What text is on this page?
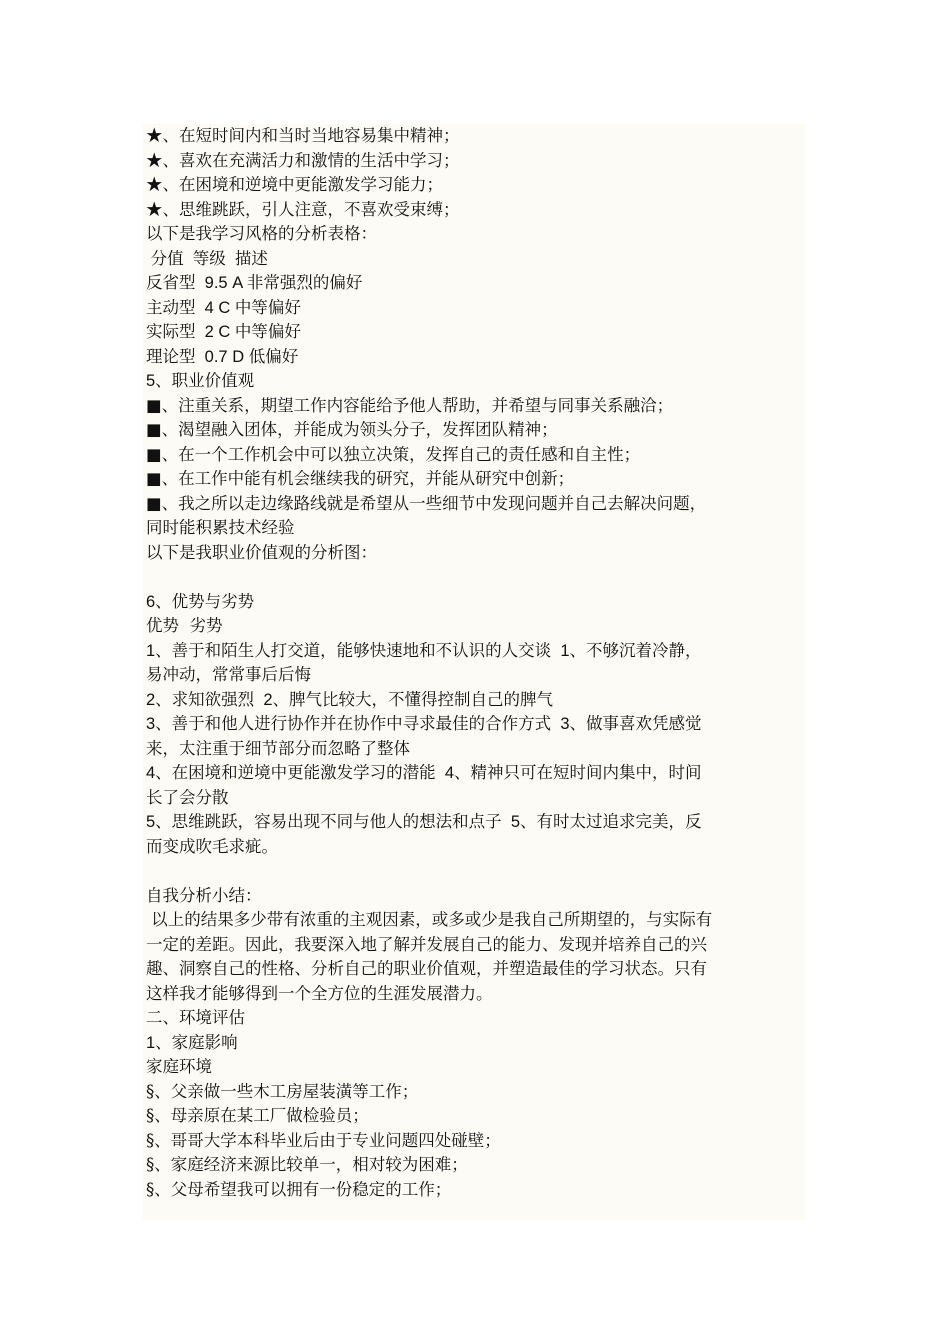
★、在短时间内和当时当地容易集中精神；

★、喜欢在充满活力和激情的生活中学习；

★、在困境和逆境中更能激发学习能力；

★、思维跳跃，引人注意，不喜欢受束缚；

以下是我学习风格的分析表格：

分值  等级  描述

反省型  9.5 A 非常强烈的偏好

主动型  4 C 中等偏好

实际型  2 C 中等偏好

理论型  0.7 D 低偏好

5、职业价值观

■、注重关系，期望工作内容能给予他人帮助，并希望与同事关系融洽；

■、渴望融入团体，并能成为领头分子，发挥团队精神；

■、在一个工作机会中可以独立决策，发挥自己的责任感和自主性；

■、在工作中能有机会继续我的研究，并能从研究中创新；

■、我之所以走边缘路线就是希望从一些细节中发现问题并自己去解决问题，

同时能积累技术经验

以下是我职业价值观的分析图：

6、优势与劣势

优势  劣势

1、善于和陌生人打交道，能够快速地和不认识的人交谈  1、不够沉着冷静，

易冲动，常常事后后悔

2、求知欲强烈  2、脾气比较大，不懂得控制自己的脾气

3、善于和他人进行协作并在协作中寻求最佳的合作方式  3、做事喜欢凭感觉

来，太注重于细节部分而忽略了整体

4、在困境和逆境中更能激发学习的潜能  4、精神只可在短时间内集中，时间

长了会分散

5、思维跳跃，容易出现不同与他人的想法和点子  5、有时太过追求完美，反

而变成吹毛求疵。

自我分析小结：

以上的结果多少带有浓重的主观因素，或多或少是我自己所期望的，与实际有

一定的差距。因此，我要深入地了解并发展自己的能力、发现并培养自己的兴

趣、洞察自己的性格、分析自己的职业价值观，并塑造最佳的学习状态。只有

这样我才能够得到一个全方位的生涯发展潜力。

二、环境评估

1、家庭影响

家庭环境

§、父亲做一些木工房屋装潢等工作；

§、母亲原在某工厂做检验员；

§、哥哥大学本科毕业后由于专业问题四处碰壁；

§、家庭经济来源比较单一，相对较为困难；

§、父母希望我可以拥有一份稳定的工作；
